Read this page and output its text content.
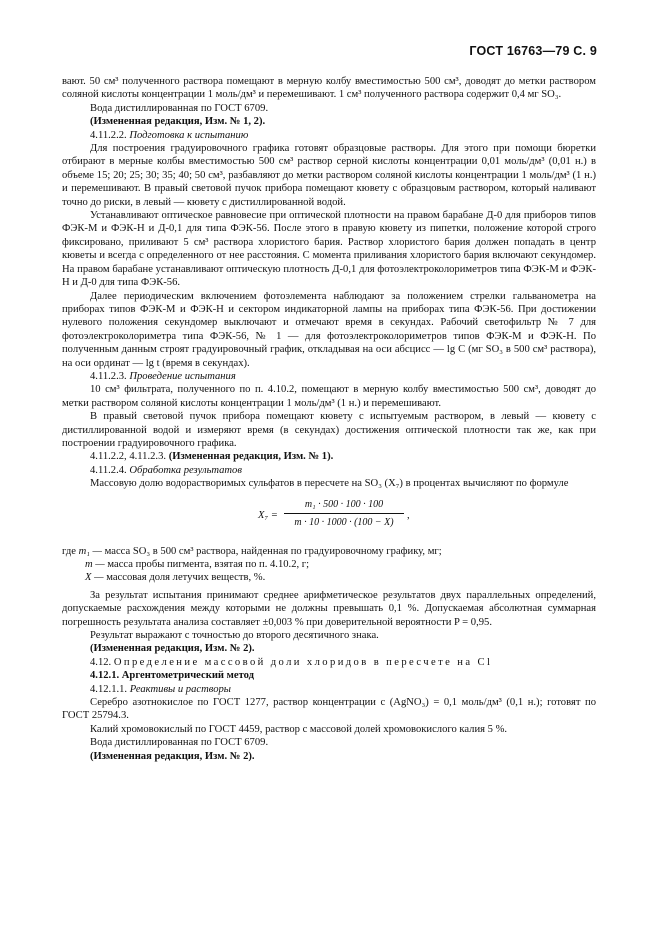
ГОСТ 16763—79 С. 9

вают. 50 см³ полученного раствора помещают в мерную колбу вместимостью 500 см³, доводят до метки раствором соляной кислоты концентрации 1 моль/дм³ и перемешивают. 1 см³ полученного раствора содержит 0,4 мг SO₃.

Вода дистиллированная по ГОСТ 6709.

(Измененная редакция, Изм. № 1, 2).

4.11.2.2. Подготовка к испытанию

Для построения градуировочного графика готовят образцовые растворы. Для этого при помощи бюретки отбирают в мерные колбы вместимостью 500 см³ раствор серной кислоты концентрации 0,01 моль/дм³ (0,01 н.) в объеме 15; 20; 25; 30; 35; 40; 50 см³, разбавляют до метки раствором соляной кислоты концентрации 1 моль/дм³ (1 н.) и перемешивают. В правый световой пучок прибора помещают кювету с образцовым раствором, который наливают точно до риски, в левый — кювету с дистиллированной водой.

Устанавливают оптическое равновесие при оптической плотности на правом барабане Д-0 для приборов типов ФЭК-М и ФЭК-Н и Д-0,1 для типа ФЭК-56. После этого в правую кювету из пипетки, положение которой строго фиксировано, приливают 5 см³ раствора хлористого бария. Раствор хлористого бария должен попадать в центр кюветы и всегда с определенного от нее расстояния. С момента приливания хлористого бария включают секундомер. На правом барабане устанавливают оптическую плотность Д-0,1 для фотоэлектроколориметров типа ФЭК-М и ФЭК-Н и Д-0 для типа ФЭК-56.

Далее периодическим включением фотоэлемента наблюдают за положением стрелки гальванометра на приборах типов ФЭК-М и ФЭК-Н и сектором индикаторной лампы на приборах типа ФЭК-56. При достижении нулевого положения секундомер выключают и отмечают время в секундах. Рабочий светофильтр № 7 для фотоэлектроколориметра типа ФЭК-56, № 1 — для фотоэлектроколориметров типов ФЭК-М и ФЭК-Н. По полученным данным строят градуировочный график, откладывая на оси абсцисс — lg С (мг SO₃ в 500 см³ раствора), на оси ординат — lg t (время в секундах).

4.11.2.3. Проведение испытания

10 см³ фильтрата, полученного по п. 4.10.2, помещают в мерную колбу вместимостью 500 см³, доводят до метки раствором соляной кислоты концентрации 1 моль/дм³ (1 н.) и перемешивают.

В правый световой пучок прибора помещают кювету с испытуемым раствором, в левый — кювету с дистиллированной водой и измеряют время (в секундах) достижения оптической плотности так же, как при построении градуировочного графика.

4.11.2.2, 4.11.2.3. (Измененная редакция, Изм. № 1).

4.11.2.4. Обработка результатов

Массовую долю водорастворимых сульфатов в пересчете на SO₃ (X₇) в процентах вычисляют по формуле

X₇ =
m₁ · 500 · 100 · 100
m · 10 · 1000 · (100 − X)
,

где m₁ — масса SO₃ в 500 см³ раствора, найденная по градуировочному графику, мг;

m — масса пробы пигмента, взятая по п. 4.10.2, г;

X — массовая доля летучих веществ, %.

За результат испытания принимают среднее арифметическое результатов двух параллельных определений, допускаемые расхождения между которыми не должны превышать 0,1 %. Допускаемая абсолютная суммарная погрешность результата анализа составляет ±0,003 % при доверительной вероятности P = 0,95.

Результат выражают с точностью до второго десятичного знака.

(Измененная редакция, Изм. № 2).

4.12. Определение массовой доли хлоридов в пересчете на Cl

4.12.1. Аргентометрический метод

4.12.1.1. Реактивы и растворы

Серебро азотнокислое по ГОСТ 1277, раствор концентрации c (AgNO₃) = 0,1 моль/дм³ (0,1 н.); готовят по ГОСТ 25794.3.

Калий хромовокислый по ГОСТ 4459, раствор с массовой долей хромовокислого калия 5 %.

Вода дистиллированная по ГОСТ 6709.

(Измененная редакция, Изм. № 2).
